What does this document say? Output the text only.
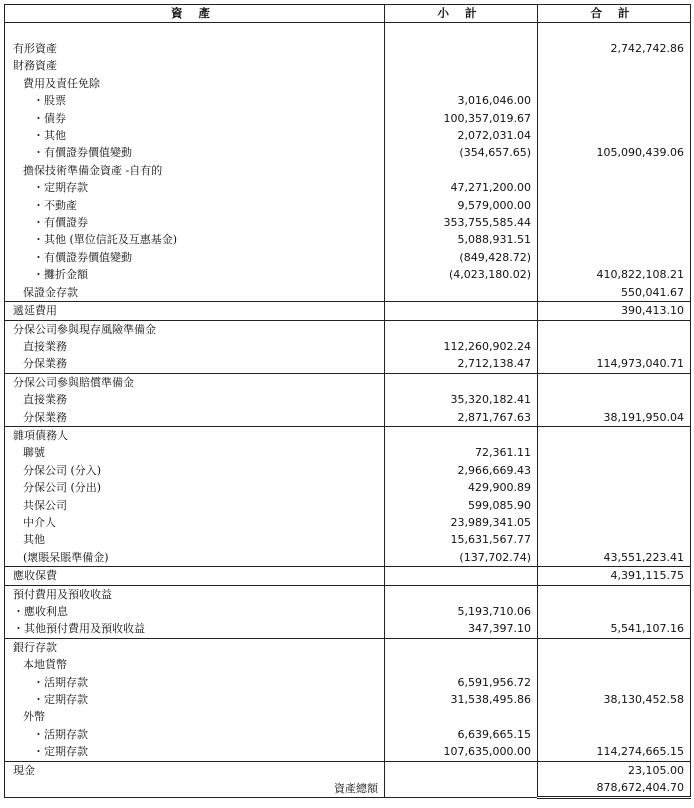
資 產	小 計	合 計

有形資產		2,742,742.86
財務資產		
費用及責任免除		
・股票	3,016,046.00	
・債券	100,357,019.67	
・其他	2,072,031.04	
・有價證券價值變動	(354,657.65)	105,090,439.06
擔保技術準備金資產 -自有的		
・定期存款	47,271,200.00	
・不動產	9,579,000.00	
・有價證券	353,755,585.44	
・其他 (單位信託及互惠基金)	5,088,931.51	
・有價證券價值變動	(849,428.72)	
・攤折金額	(4,023,180.02)	410,822,108.21
保證金存款		550,041.67
遞延費用		390,413.10
分保公司參與現存風險準備金		
直接業務	112,260,902.24	
分保業務	2,712,138.47	114,973,040.71
分保公司參與賠償準備金		
直接業務	35,320,182.41	
分保業務	2,871,767.63	38,191,950.04
雜項債務人		
聯號	72,361.11	
分保公司 (分入)	2,966,669.43	
分保公司 (分出)	429,900.89	
共保公司	599,085.90	
中介人	23,989,341.05	
其他	15,631,567.77	
(壞賬呆賬準備金)	(137,702.74)	43,551,223.41
應收保費		4,391,115.75
預付費用及預收收益		
・應收利息	5,193,710.06	
・其他預付費用及預收收益	347,397.10	5,541,107.16
銀行存款		
本地貨幣		
・活期存款	6,591,956.72	
・定期存款	31,538,495.86	38,130,452.58
外幣		
・活期存款	6,639,665.15	
・定期存款	107,635,000.00	114,274,665.15
現金		23,105.00
資產總額		878,672,404.70
